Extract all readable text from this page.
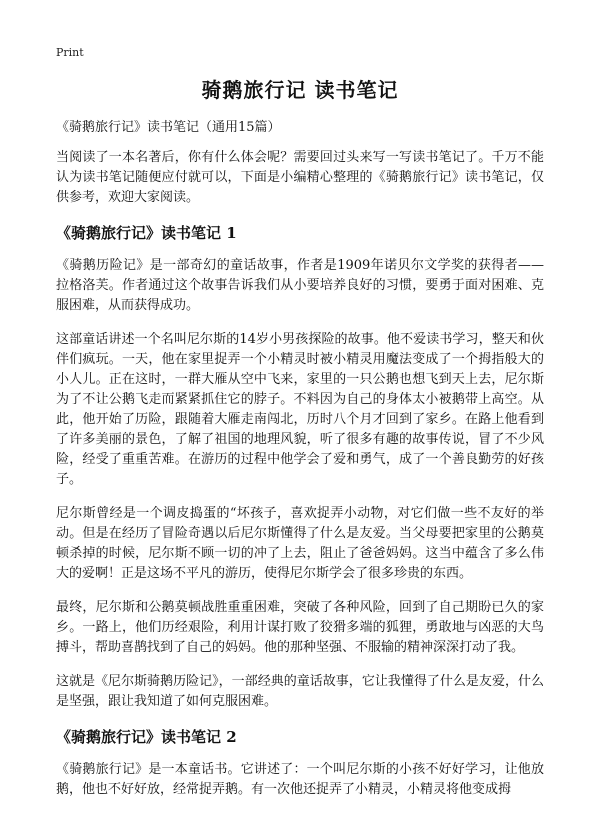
Print
骑鹅旅行记 读书笔记

《骑鹅旅行记》读书笔记（通用15篇）

当阅读了一本名著后，你有什么体会呢？需要回过头来写一写读书笔记了。千万不能认为读书笔记随便应付就可以，下面是小编精心整理的《骑鹅旅行记》读书笔记，仅供参考，欢迎大家阅读。

《骑鹅旅行记》读书笔记 1

《骑鹅历险记》是一部奇幻的童话故事，作者是1909年诺贝尔文学奖的获得者——拉格洛芙。作者通过这个故事告诉我们从小要培养良好的习惯，要勇于面对困难、克服困难，从而获得成功。

这部童话讲述一个名叫尼尔斯的14岁小男孩探险的故事。他不爱读书学习，整天和伙伴们疯玩。一天，他在家里捉弄一个小精灵时被小精灵用魔法变成了一个拇指般大的小人儿。正在这时，一群大雁从空中飞来，家里的一只公鹅也想飞到天上去，尼尔斯为了不让公鹅飞走而紧紧抓住它的脖子。不料因为自己的身体太小被鹅带上高空。从此，他开始了历险，跟随着大雁走南闯北，历时八个月才回到了家乡。在路上他看到了许多美丽的景色，了解了祖国的地理风貌，听了很多有趣的故事传说，冒了不少风险，经受了重重苦难。在游历的过程中他学会了爱和勇气，成了一个善良勤劳的好孩子。

尼尔斯曾经是一个调皮捣蛋的“坏孩子，喜欢捉弄小动物，对它们做一些不友好的举动。但是在经历了冒险奇遇以后尼尔斯懂得了什么是友爱。当父母要把家里的公鹅莫顿杀掉的时候，尼尔斯不顾一切的冲了上去，阻止了爸爸妈妈。这当中蕴含了多么伟大的爱啊！正是这场不平凡的游历，使得尼尔斯学会了很多珍贵的东西。

最终，尼尔斯和公鹅莫顿战胜重重困难，突破了各种风险，回到了自己期盼已久的家乡。一路上，他们历经艰险，利用计谋打败了狡猾多端的狐狸，勇敢地与凶恶的大鸟搏斗，帮助喜鹊找到了自己的妈妈。他的那种坚强、不服输的精神深深打动了我。

这就是《尼尔斯骑鹅历险记》，一部经典的童话故事，它让我懂得了什么是友爱，什么是坚强，跟让我知道了如何克服困难。

《骑鹅旅行记》读书笔记 2

《骑鹅旅行记》是一本童话书。它讲述了：一个叫尼尔斯的小孩不好好学习，让他放鹅，他也不好好放，经常捉弄鹅。有一次他还捉弄了小精灵，小精灵将他变成拇
